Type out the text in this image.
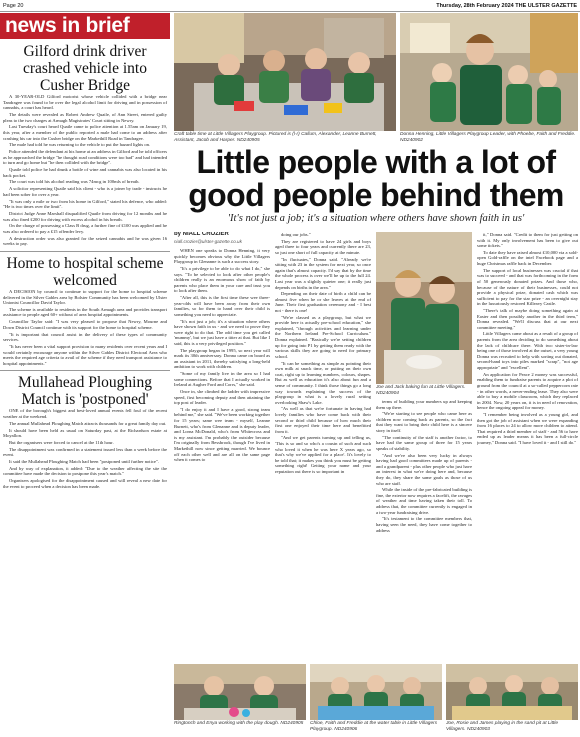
Page 20	Thursday, 28th February 2024 THE ULSTER GAZETTE
news in brief
Gilford drink driver crashed vehicle into Cusher Bridge

A 30-YEAR-OLD Gilford motorist whose vehicle collided with a bridge near Tandragee was found to be over the legal alcohol limit for driving and in possession of cannabis, a court has heard.

The details were revealed as Robert Andrew Quaile, of Ann Street, entered guilty pleas to the two charges at Armagh Magistrates' Court sitting in Newry.

Last Tuesday's court heard Quaile came to police attention at 1.55am on January 19, this year, after a member of the public reported a male had come to an address after crashing his car into the Cusher bridge on the Markethill Road in Tandragee.

The male had told he was returning to the vehicle to put the hazard lights on.

Police attended the defendant at his home at an address in Gilford and he told officers as he approached the bridge "he thought road conditions were too bad" and had intended to turn and go home but "he then collided with the bridge".

Quaile told police he had drunk a bottle of wine and cannabis was also located in his back pocket.

The court was told his alcohol reading was 74mcg in 100mls of breath.

A solicitor representing Quaile said his client - who is a joiner by trade - instructs he had been sober for over a year.

"It was only a mile or two from his home in Gilford," stated his defence, who added: "He is two times over the limit".

District Judge Anne Marshall disqualified Quaile from driving for 12 months and he was also fined £200 for driving with excess alcohol in his breath.

On the charge of possessing a Class B drug, a further fine of £100 was applied and he was also ordered to pay a £15 offender levy.

A destruction order was also granted for the seized cannabis and he was given 16 weeks to pay.

Home to hospital scheme welcomed

A DECISION by council to continue to support for the home to hospital scheme delivered in the Silver Gables area by Bolster Community has been welcomed by Ulster Unionist Councillor David Taylor.

The scheme is available to residents in the South Armagh area and provides transport assistance to people aged 60+ without of area hospital appointments.

Councillor Taylor said: "I was very pleased to propose that Newry, Mourne and Down District Council continue with its support for the home to hospital scheme.

"It is important that council assist in the delivery of these types of community services.

"It has never been a vital support provision to many residents over recent years and I would certainly encourage anyone within the Silver Gables District Electoral Area who meets the required age criteria to avail of the scheme if they need transport assistance to hospital appointments."

Mullahead Ploughing Match is 'postponed'

ONE of the borough's biggest and best-loved annual events fell foul of the recent weather at the weekend.

The annual Mullahead Ploughing Match attracts thousands for a great family day out.

It should have been held as usual on Saturday past, at the Richardson estate at Moyallon.

But the organisers were forced to cancel at the 11th hour.

The disappointment was confirmed in a statement issued less than a week before the event.

It said the Mullahead Ploughing Match had been "postponed until further notice".

And by way of explanation, it added: "Due to the weather affecting the site the committee have made the decision to postpone this year's match."

Organisers apologised for the disappointment caused and will reveal a new date for the event to proceed when a decision has been made.

Craft table time at Little Villagers Playgroup. Pictured is (l-r) Callum, Alexander, Leanne Burnett, Assistant, Jacob and Harper. ND240905
Donna Henning, Little Villagers Playgroup Leader, with Phoebe, Faith and Freddie. ND240902
Little people with a lot of good people behind them
'It's not just a job; it's a situation where others have shown faith in us'
by NIALL CROZIER
niall.crozier@ulster-gazette.co.uk

WHEN one speaks to Donna Henning, it very quickly becomes obvious why the Little Villagers Playgroup in Glenanne is such a success story.

"It's a privilege to be able to do what I do," she says. "To be selected to look after other people's children really is an enormous show of faith by parents who place them in your care and trust you to look after them.

"After all, this is the first time these wee three-year-olds will have been away from their own families, so for them to hand over their child is something you need to appreciate.

"It's not just a job; it's a situation where others have shown faith in us - and we need to prove they were right to do that. The odd time you get called 'mummy', but we just have a titter at that. But like I said, this is a very privileged position."

The playgroup began in 1995, so next year will mark its 30th anniversary. Donna came on board as an assistant in 2011, thereby satisfying a long-held ambition to work with children.

"Some of my family live in the area so I had some connections. Before that I actually worked in Ireland at Augher Ford and Corrs," she said.

Once in, she climbed the ladder with impressive speed, first becoming deputy and then attaining the top post of leader.

"I do enjoy it and I have a good, strong team behind me," she said. "We've been working together for 15 years; same wee team - myself, Leanne Burnett, who's from Glenanne and is deputy leader, and Lorna McDonald, who's from Whitecross and is my assistant. I'm probably the outsider because I'm originally from Bessbrook, though I've lived in Markethill now since getting married. We bounce off each other well and are all on the same page when it comes to

doing our jobs."

They are registered to have 24 girls and boys aged three to four years and currently there are 23, so just one short of full capacity at the minute.

"In fluctuates," Donna said. "Already we're sitting with 23 in the system for next year, so once again that's almost capacity. I'd say that by the time the whole process is over we'll be up to the full 24. Last year was a slightly quieter one; it really just depends on births in the area."

Depending on their date of birth a child can be almost five when he or she leaves at the end of June. Their first graduation ceremony and - I best not - there is one!

"We're classed as a playgroup, but what we provide here is actually pre-school education," she explained, "through activities and learning under the Northern Ireland Pre-School Curriculum." Donna explained. "Basically we're setting children up for going into P1 by getting them ready with the various skills they are going to need for primary school.

"It can be something as simple as pointing their own milk at snack time, or putting on their own coat, right up to learning numbers, colours, shapes. But as well as education it's also about fun and a sense of community. I think those things go a long way towards explaining the success of the playgroup in what is a lovely rural setting overlooking Shaw's Lake.

"As well as that we're fortunate in having had lovely families who have come back with their second or third child because of how much their first one enjoyed their time here and benefitted from it.

"And we get parents turning up and telling us, 'This is so and so who's a cousin of such and such who loved it when he was here X years ago, so that's why we've applied for a place'. It's lovely to be told that; it makes you think you must be getting something right! Getting your name and your reputation out there is so important in

Joe and Jack baking fun at Little Villagers. ND240904

terms of building your numbers up and keeping them up there.

"We're starting to see people who came here as children now coming back as parents, so the fact that they want to bring their child here is a sincere story in itself.

"The continuity of the staff is another factor, to have had the same group of three for 15 years speaks of stability.

"And we've also been very lucky in always having had good committees made up of parents - and a grandparent - plus other people who just have an interest in what we're doing here and, because they do, they share the same goals as those of us who are staff.

While the inside of the pre-fabricated building is fine, the exterior now requires a facelift, the ravages of weather and time having taken their toll. To address that, the committee currently is engaged in a two-year fundraising drive.

"It's testament to the committee members that, having seen the need, they have come together to address

it," Donna said. "Credit to them for just getting on with it. My only involvement has been to give out some tickets."

To date they have raised almost £10,000 via a sold-open Gold-raffle on the intel Facebook page and a huge Christmas raffle back in December.

The support of local businesses was crucial if that was to succeed - and that was forthcoming in the form of 50 generously donated prizes. And those who, because of the nature of their businesses, could not provide a physical prize, donated cash which was sufficient to pay for the star prize - an overnight stay in the luxuriously restored Killeavy Castle.

"There's talk of maybe doing something again at Easter and then possibly another in the third term," Donna revealed. "We'll discuss that at our next committee meeting."

Little Villagers came about as a result of a group of parents from the area deciding to do something about the lack of childcare there. With two sister-in-law being one of those involved at the outset, a very young Donna was recruited to help with sorting out donated, second-hand toys into piles marked "scrap", "not age appropriate" and "excellent".

An application for Peace 2 money was successful, enabling them to fundraise parents to acquire a plot of ground from the council at a so-called peppercorn rate - in other words, a never-ending lease. They also were able to buy a mobile classroom, which they replaced in 2004. Now, 20 years on, it is in need of renovation, hence the ongoing appeal for money.

"I remember being involved as a young girl, and then got the job of assistant when we were expanding from 16 places to 24 to allow more children to attend. That required a third member of staff - and 56 to have ended up as leader means it has been a full-circle journey," Donna said. "I have loved it - and I still do."

Ringtonch and Enya working with the play dough. ND240905	Chloe, Faith and Freddie at the water table in Little Villagers Playgroup. ND240906
Joe, Rosie and James playing in the sand pit at Little Villagers. ND240903
